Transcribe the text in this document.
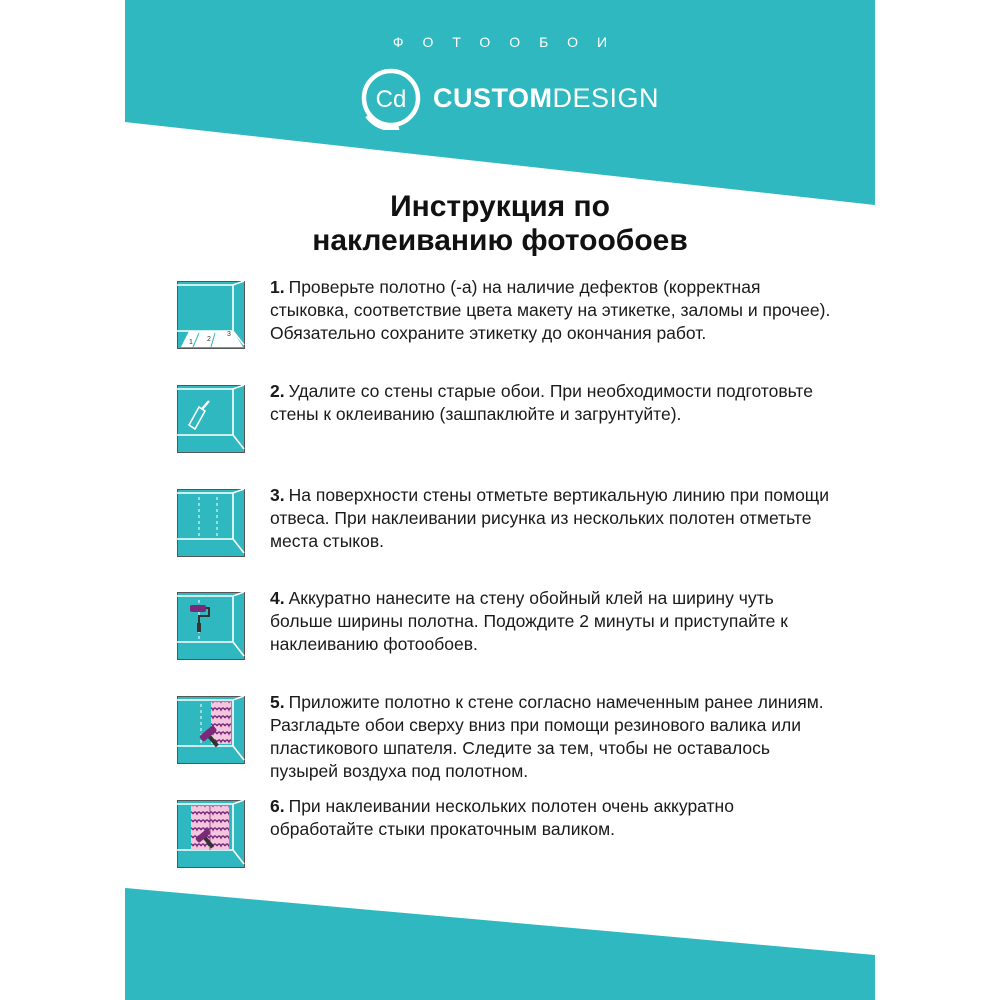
ФОТООБОИ
Cd CUSTOMDESIGN
Инструкция по
наклеиванию фотообоев
1 2
3
1. Проверьте полотно (-а) на наличие дефектов (корректная стыковка, соответствие цвета макету на этикетке, заломы и прочее). Обязательно сохраните этикетку до окончания работ.
2. Удалите со стены старые обои. При необходимости подготовьте стены к оклеиванию (зашпаклюйте и загрунтуйте).
3. На поверхности стены отметьте вертикальную линию при помощи отвеса. При наклеивании рисунка из нескольких полотен отметьте места стыков.
4. Аккуратно нанесите на стену обойный клей на ширину чуть больше ширины полотна. Подождите 2 минуты и приступайте к наклеиванию фотообоев.
5. Приложите полотно к стене согласно намеченным ранее линиям. Разгладьте обои сверху вниз при помощи резинового валика или пластикового шпателя. Следите за тем, чтобы не оставалось пузырей воздуха под полотном.
6. При наклеивании нескольких полотен очень аккуратно обработайте стыки прокаточным валиком.
